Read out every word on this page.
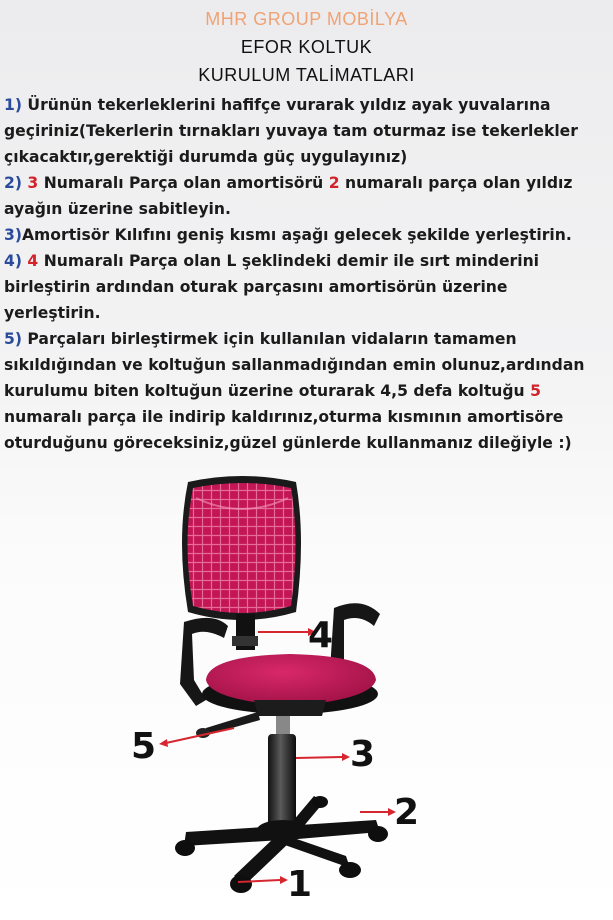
MHR GROUP MOBİLYA
EFOR KOLTUK
KURULUM TALİMATLARI
1) Ürünün tekerleklerini hafifçe vurarak yıldız ayak yuvalarına
geçiriniz(Tekerlerin tırnakları yuvaya tam oturmaz ise tekerlekler
çıkacaktır,gerektiği durumda güç uygulayınız)
2) 3 Numaralı Parça olan amortisörü 2 numaralı parça olan yıldız
ayağın üzerine sabitleyin.
3)Amortisör Kılıfını geniş kısmı aşağı gelecek şekilde yerleştirin.
4) 4 Numaralı Parça olan L şeklindeki demir ile sırt minderini
birleştirin ardından oturak parçasını amortisörün üzerine
yerleştirin.
5) Parçaları birleştirmek için kullanılan vidaların tamamen
sıkıldığından ve koltuğun sallanmadığından emin olunuz,ardından
kurulumu biten koltuğun üzerine oturarak 4,5 defa koltuğu 5
numaralı parça ile indirip kaldırınız,oturma kısmının amortisöre
oturduğunu göreceksiniz,güzel günlerde kullanmanız dileğiyle :)
4
5	3
2
1
